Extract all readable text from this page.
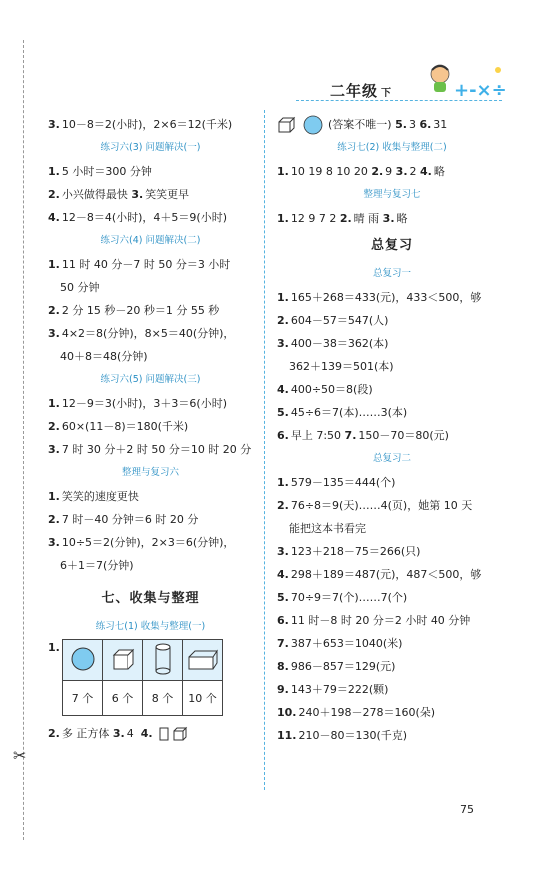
✂
二年级 下	+-×÷
3. 10－8＝2(小时)，2×6＝12(千米)
练习六(3) 问题解决(一)
1. 5 小时＝300 分钟
2. 小兴做得最快 3. 笑笑更早
4. 12－8＝4(小时)，4＋5＝9(小时)
练习六(4) 问题解决(二)
1. 11 时 40 分－7 时 50 分＝3 小时
50 分钟
2. 2 分 15 秒－20 秒＝1 分 55 秒
3. 4×2＝8(分钟)，8×5＝40(分钟)，
40＋8＝48(分钟)
练习六(5) 问题解决(三)
1. 12－9＝3(小时)，3＋3＝6(小时)
2. 60×(11－8)＝180(千米)
3. 7 时 30 分＋2 时 50 分＝10 时 20 分
整理与复习六
1. 笑笑的速度更快
2. 7 时－40 分钟＝6 时 20 分
3. 10÷5＝2(分钟)，2×3＝6(分钟)，
6＋1＝7(分钟)
七、收集与整理
练习七(1) 收集与整理(一)
1.

7 个	6 个	8 个	10 个
2. 多 正方体 3. 4 4.
(答案不唯一) 5. 3 6. 31
练习七(2) 收集与整理(二)
1. 10 19 8 10 20 2. 9 3. 2 4. 略
整理与复习七
1. 12 9 7 2 2. 晴 雨 3. 略
总复习
总复习一
1. 165＋268＝433(元)，433＜500，够
2. 604－57＝547(人)
3. 400－38＝362(本)
362＋139＝501(本)
4. 400÷50＝8(段)
5. 45÷6＝7(本)……3(本)
6. 早上 7:50 7. 150－70＝80(元)
总复习二
1. 579－135＝444(个)
2. 76÷8＝9(天)……4(页)，她第 10 天
能把这本书看完
3. 123＋218－75＝266(只)
4. 298＋189＝487(元)，487＜500，够
5. 70÷9＝7(个)……7(个)
6. 11 时－8 时 20 分＝2 小时 40 分钟
7. 387＋653＝1040(米)
8. 986－857＝129(元)
9. 143＋79＝222(颗)
10. 240＋198－278＝160(朵)
11. 210－80＝130(千克)
75
